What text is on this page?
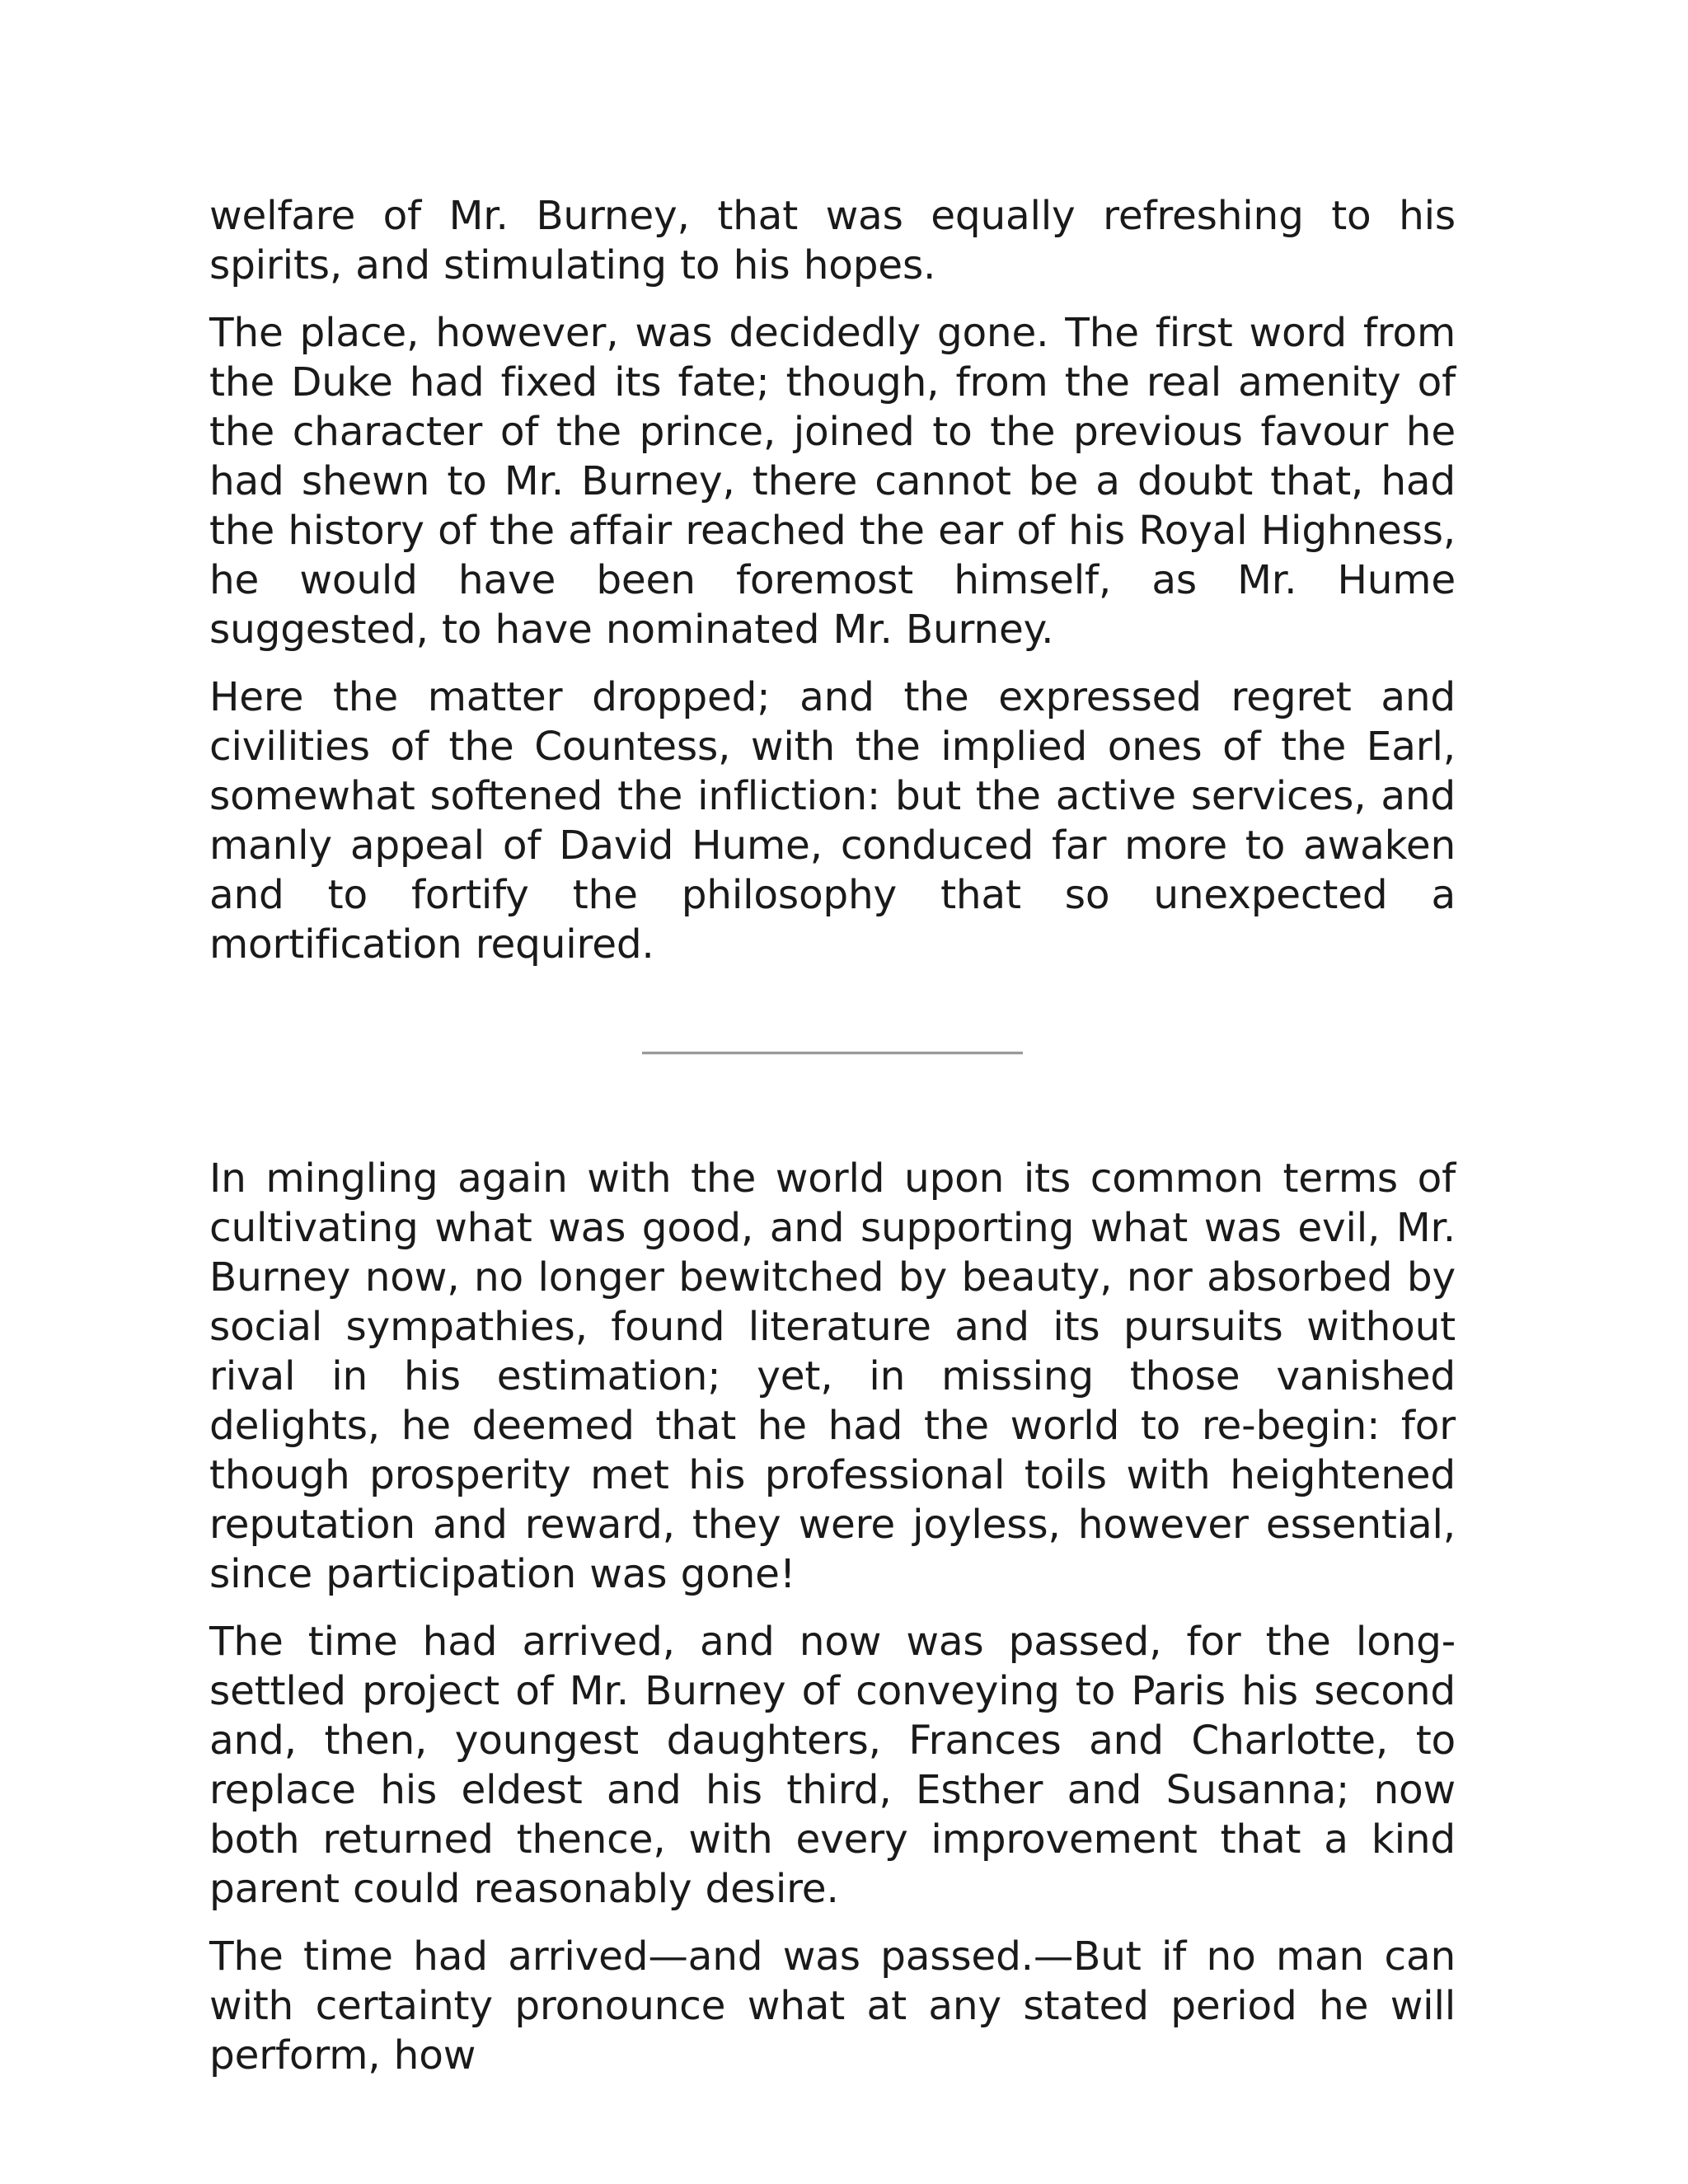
welfare of Mr. Burney, that was equally refreshing to his spirits, and stimulating to his hopes.

The place, however, was decidedly gone. The first word from the Duke had fixed its fate; though, from the real amenity of the character of the prince, joined to the previous favour he had shewn to Mr. Burney, there cannot be a doubt that, had the history of the affair reached the ear of his Royal Highness, he would have been foremost himself, as Mr. Hume suggested, to have nominated Mr. Burney.

Here the matter dropped; and the expressed regret and civilities of the Countess, with the implied ones of the Earl, somewhat softened the infliction: but the active services, and manly appeal of David Hume, conduced far more to awaken and to fortify the philosophy that so unexpected a mortification required.

In mingling again with the world upon its common terms of cultivating what was good, and supporting what was evil, Mr. Burney now, no longer bewitched by beauty, nor absorbed by social sympathies, found literature and its pursuits without rival in his estimation; yet, in missing those vanished delights, he deemed that he had the world to re-begin: for though prosperity met his professional toils with heightened reputation and reward, they were joyless, however essential, since participation was gone!

The time had arrived, and now was passed, for the long-settled project of Mr. Burney of conveying to Paris his second and, then, youngest daughters, Frances and Charlotte, to replace his eldest and his third, Esther and Susanna; now both returned thence, with every improvement that a kind parent could reasonably desire.

The time had arrived—and was passed.—But if no man can with certainty pronounce what at any stated period he will perform, how
